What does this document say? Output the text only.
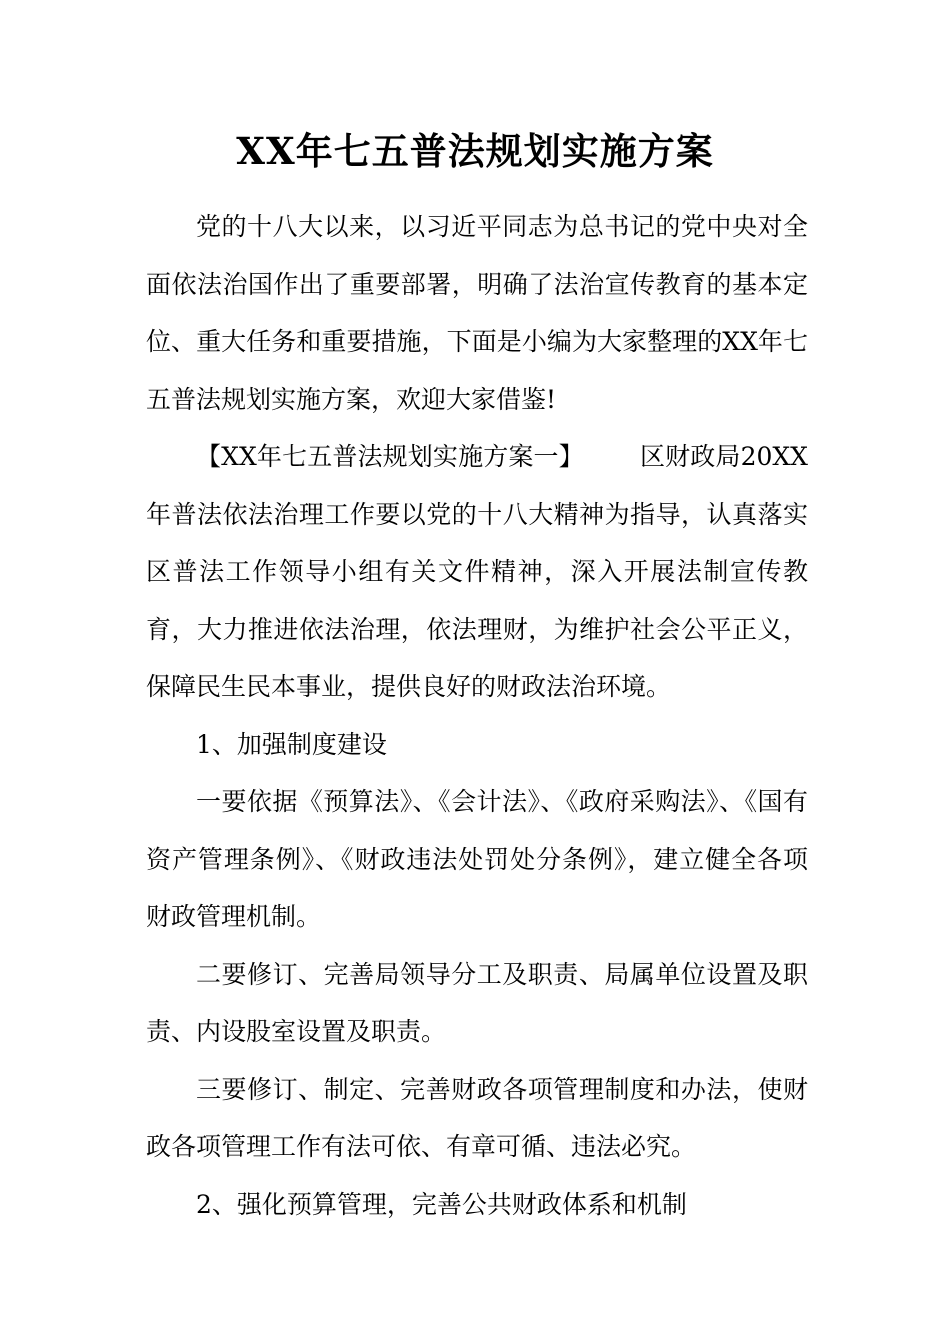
XX年七五普法规划实施方案

党的十八大以来，以习近平同志为总书记的党中央对全面依法治国作出了重要部署，明确了法治宣传教育的基本定位、重大任务和重要措施，下面是小编为大家整理的XX年七五普法规划实施方案，欢迎大家借鉴!

【XX年七五普法规划实施方案一】 区财政局20XX年普法依法治理工作要以党的十八大精神为指导，认真落实区普法工作领导小组有关文件精神，深入开展法制宣传教育，大力推进依法治理，依法理财，为维护社会公平正义，保障民生民本事业，提供良好的财政法治环境。

1、加强制度建设

一要依据《预算法》、《会计法》、《政府采购法》、《国有资产管理条例》、《财政违法处罚处分条例》，建立健全各项财政管理机制。

二要修订、完善局领导分工及职责、局属单位设置及职责、内设股室设置及职责。

三要修订、制定、完善财政各项管理制度和办法，使财政各项管理工作有法可依、有章可循、违法必究。

2、强化预算管理，完善公共财政体系和机制
